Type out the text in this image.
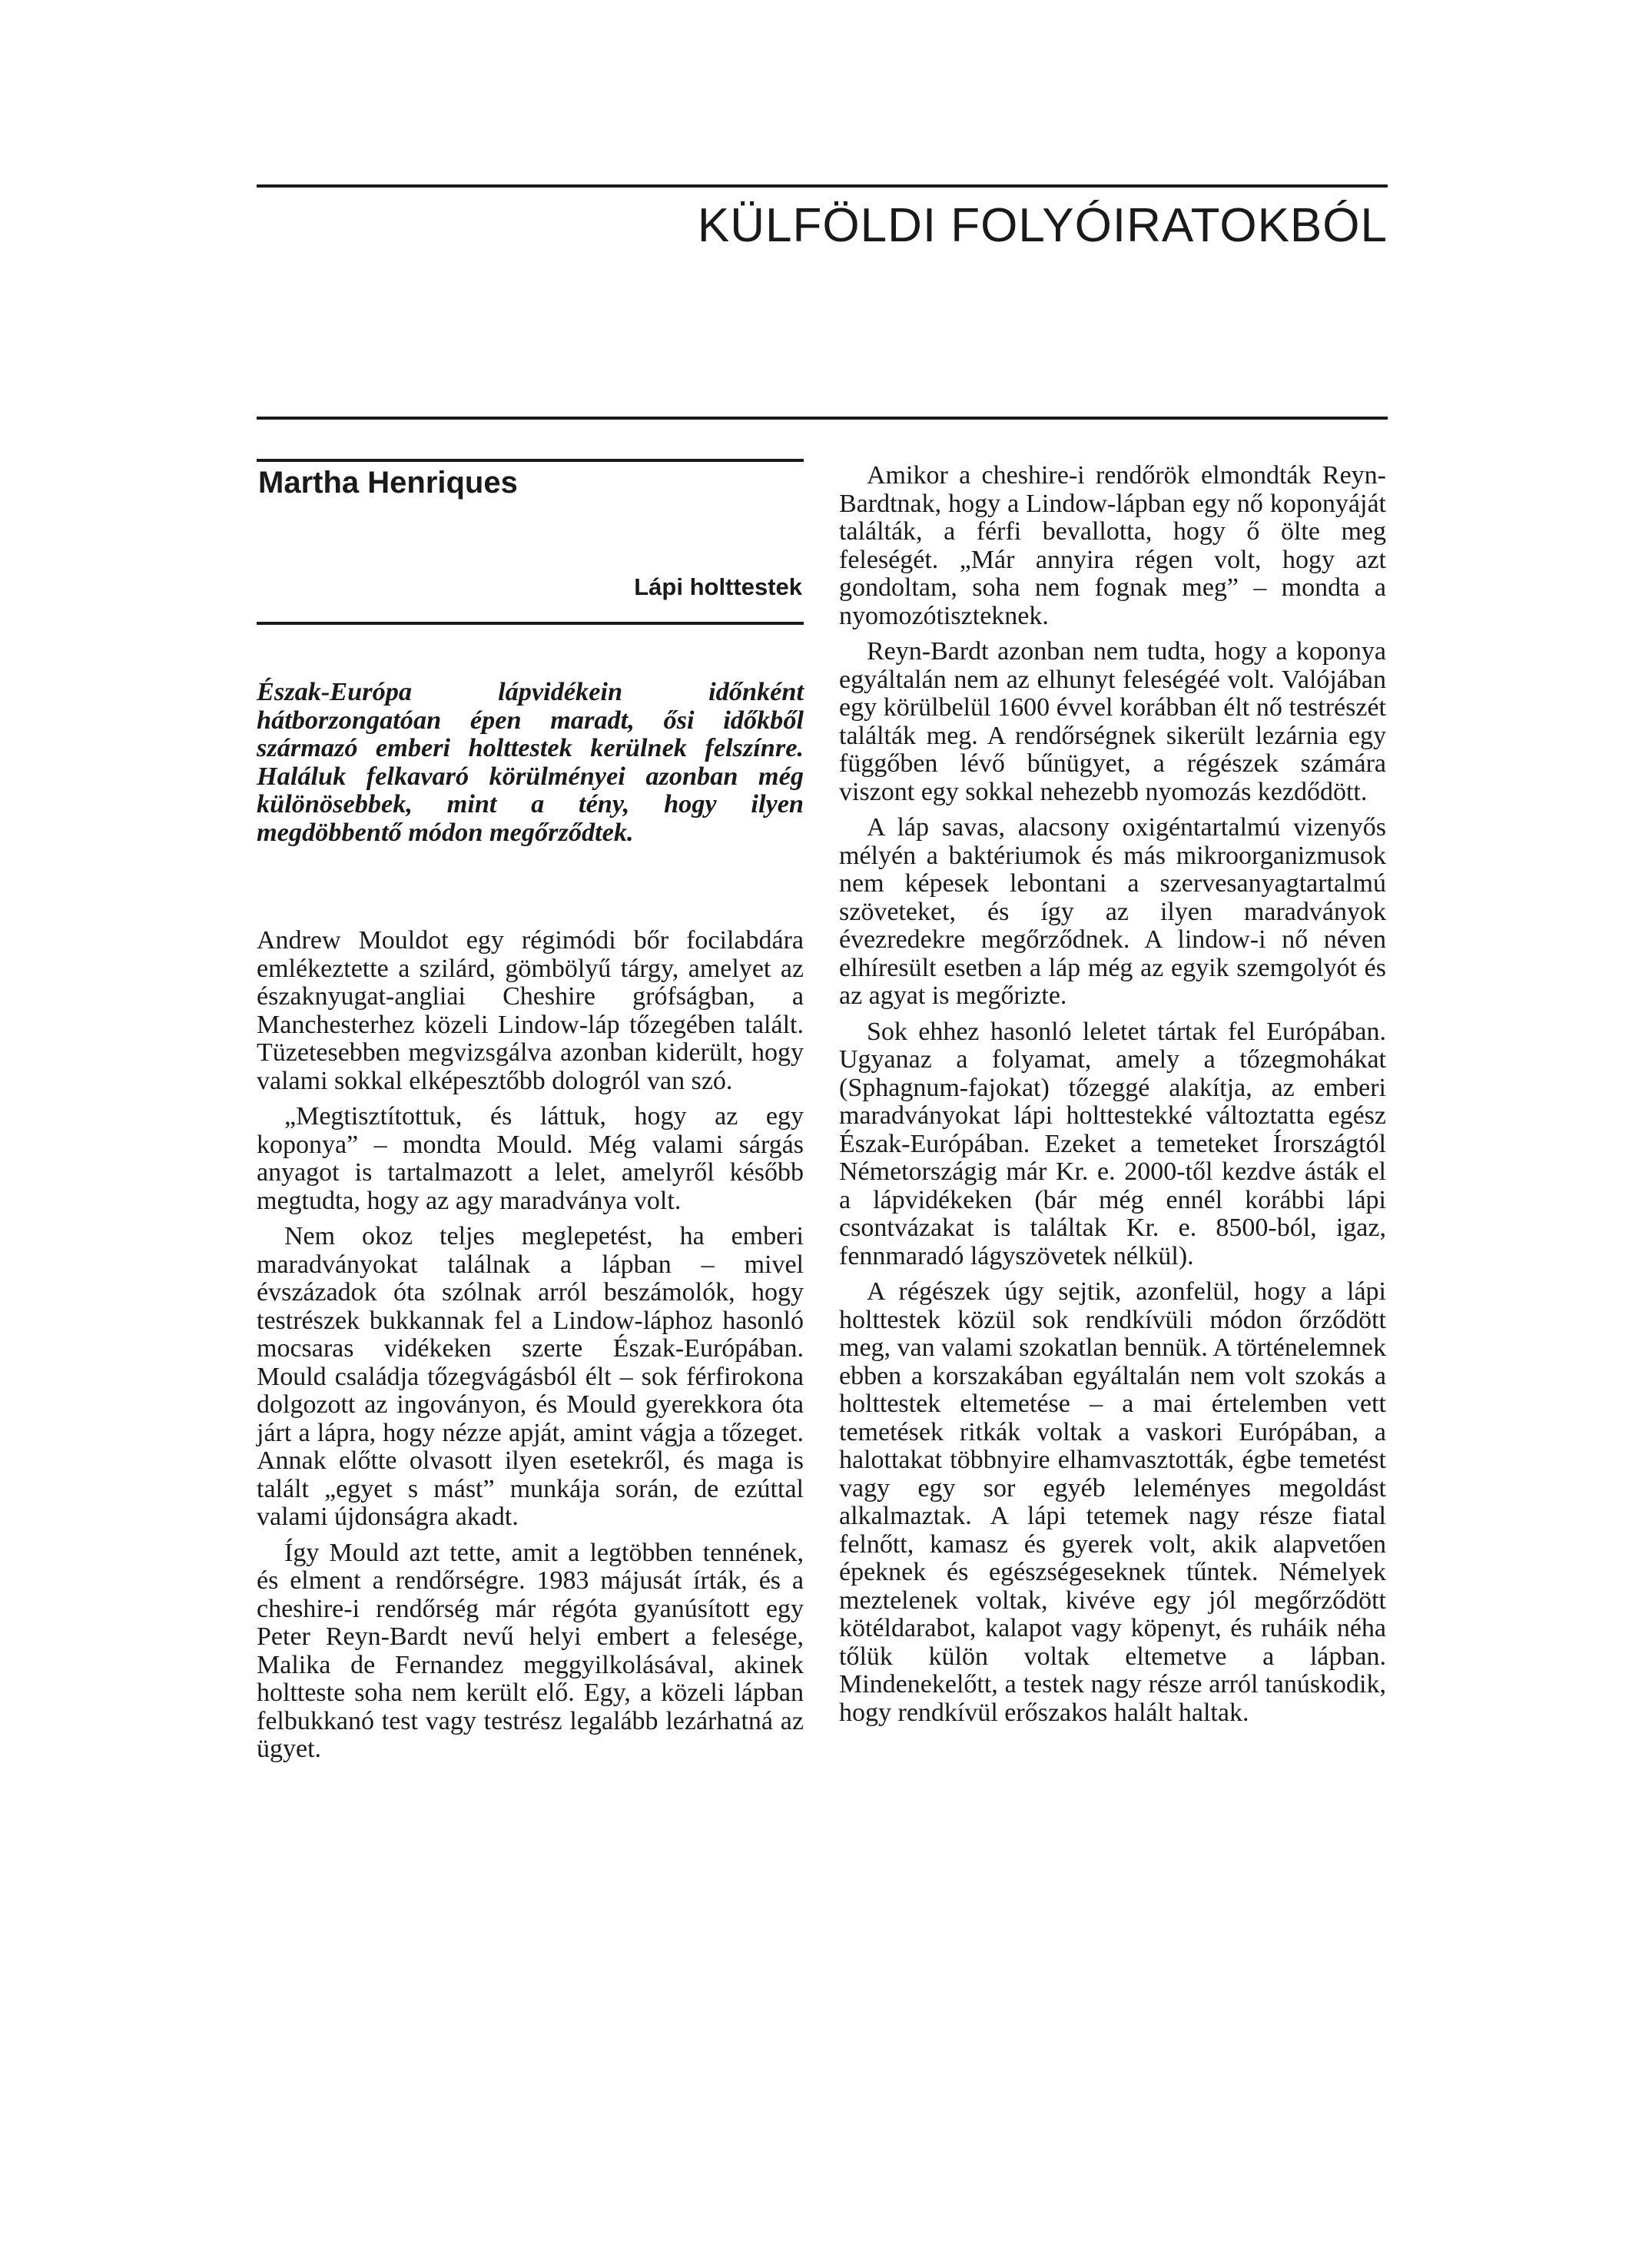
KÜLFÖLDI FOLYÓIRATOKBÓL
Martha Henriques
Lápi holttestek

Észak-Európa lápvidékein időnként hátborzongatóan épen maradt, ősi időkből származó emberi holttestek kerülnek felszínre. Haláluk felkavaró körülményei azonban még különösebbek, mint a tény, hogy ilyen megdöbbentő módon megőrződtek.

Andrew Mouldot egy régimódi bőr focilabdára emlékeztette a szilárd, gömbölyű tárgy, amelyet az északnyugat-angliai Cheshire grófságban, a Manchesterhez közeli Lindow-láp tőzegében talált. Tüzetesebben megvizsgálva azonban kiderült, hogy valami sokkal elképesztőbb dologról van szó.

„Megtisztítottuk, és láttuk, hogy az egy koponya” – mondta Mould. Még valami sárgás anyagot is tartalmazott a lelet, amelyről később megtudta, hogy az agy maradványa volt.

Nem okoz teljes meglepetést, ha emberi maradványokat találnak a lápban – mivel évszázadok óta szólnak arról beszámolók, hogy testrészek bukkannak fel a Lindow-láphoz hasonló mocsaras vidékeken szerte Észak-Európában. Mould családja tőzegvágásból élt – sok férfirokona dolgozott az ingoványon, és Mould gyerekkora óta járt a lápra, hogy nézze apját, amint vágja a tőzeget. Annak előtte olvasott ilyen esetekről, és maga is talált „egyet s mást” munkája során, de ezúttal valami újdonságra akadt.

Így Mould azt tette, amit a legtöbben tennének, és elment a rendőrségre. 1983 májusát írták, és a cheshire-i rendőrség már régóta gyanúsított egy Peter Reyn-Bardt nevű helyi embert a felesége, Malika de Fernandez meggyilkolásával, akinek holtteste soha nem került elő. Egy, a közeli lápban felbukkanó test vagy testrész legalább lezárhatná az ügyet.

Amikor a cheshire-i rendőrök elmondták Reyn-Bardtnak, hogy a Lindow-lápban egy nő koponyáját találták, a férfi bevallotta, hogy ő ölte meg feleségét. „Már annyira régen volt, hogy azt gondoltam, soha nem fognak meg” – mondta a nyomozótiszteknek.

Reyn-Bardt azonban nem tudta, hogy a koponya egyáltalán nem az elhunyt feleségéé volt. Valójában egy körülbelül 1600 évvel korábban élt nő testrészét találták meg. A rendőrségnek sikerült lezárnia egy függőben lévő bűnügyet, a régészek számára viszont egy sokkal nehezebb nyomozás kezdődött.

A láp savas, alacsony oxigéntartalmú vizenyős mélyén a baktériumok és más mikroorganizmusok nem képesek lebontani a szervesanyagtartalmú szöveteket, és így az ilyen maradványok évezredekre megőrződnek. A lindow-i nő néven elhíresült esetben a láp még az egyik szemgolyót és az agyat is megőrizte.

Sok ehhez hasonló leletet tártak fel Európában. Ugyanaz a folyamat, amely a tőzegmohákat (Sphagnum-fajokat) tőzeggé alakítja, az emberi maradványokat lápi holttestekké változtatta egész Észak-Európában. Ezeket a temeteket Írországtól Németországig már Kr. e. 2000-től kezdve ásták el a lápvidékeken (bár még ennél korábbi lápi csontvázakat is találtak Kr. e. 8500-ból, igaz, fennmaradó lágyszövetek nélkül).

A régészek úgy sejtik, azonfelül, hogy a lápi holttestek közül sok rendkívüli módon őrződött meg, van valami szokatlan bennük. A történelemnek ebben a korszakában egyáltalán nem volt szokás a holttestek eltemetése – a mai értelemben vett temetések ritkák voltak a vaskori Európában, a halottakat többnyire elhamvasztották, égbe temetést vagy egy sor egyéb leleményes megoldást alkalmaztak. A lápi tetemek nagy része fiatal felnőtt, kamasz és gyerek volt, akik alapvetően épeknek és egészségeseknek tűntek. Némelyek meztelenek voltak, kivéve egy jól megőrződött kötéldarabot, kalapot vagy köpenyt, és ruháik néha tőlük külön voltak eltemetve a lápban. Mindenekelőtt, a testek nagy része arról tanúskodik, hogy rendkívül erőszakos halált haltak.
